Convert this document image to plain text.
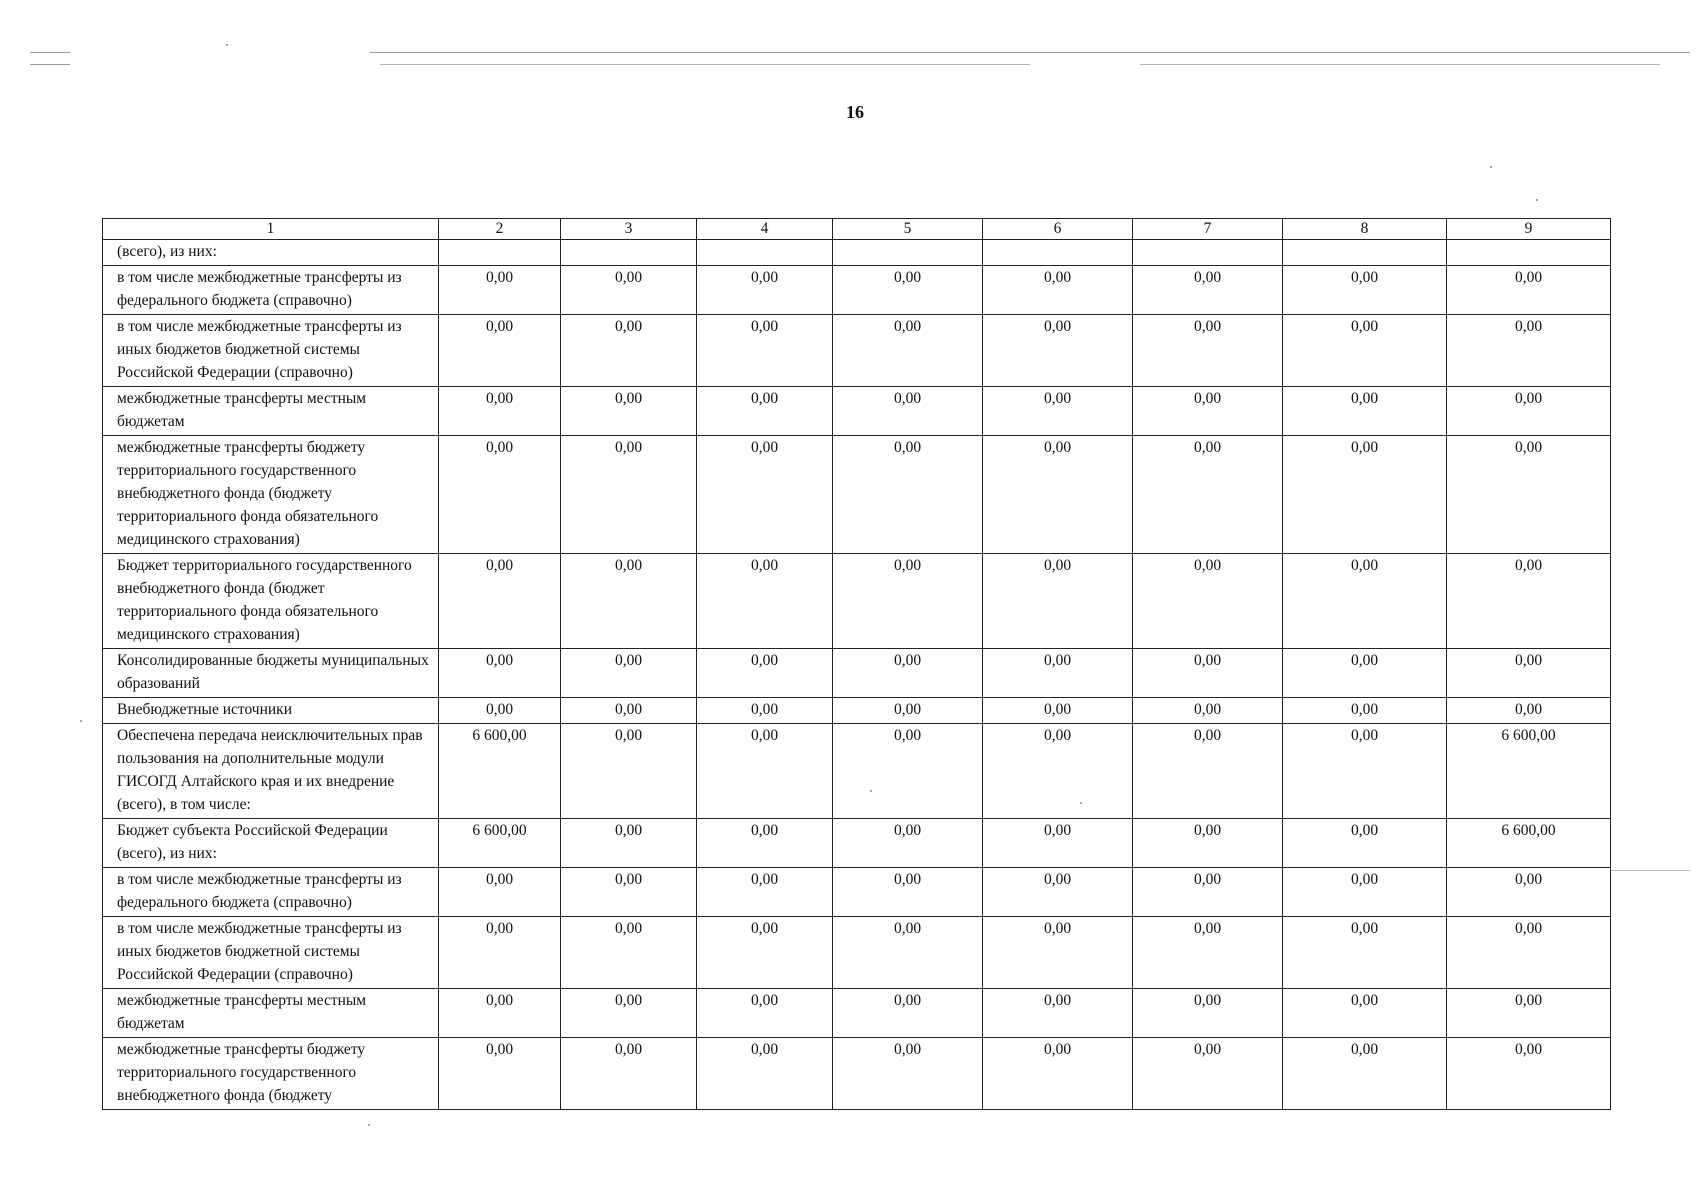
16
1	2	3	4	5	6	7	8	9
(всего), из них:								
в том числе межбюджетные трансферты из федерального бюджета (справочно)	0,00	0,00	0,00	0,00	0,00	0,00	0,00	0,00
в том числе межбюджетные трансферты из иных бюджетов бюджетной системы Российской Федерации (справочно)	0,00	0,00	0,00	0,00	0,00	0,00	0,00	0,00
межбюджетные трансферты местным бюджетам	0,00	0,00	0,00	0,00	0,00	0,00	0,00	0,00
межбюджетные трансферты бюджету территориального государственного внебюджетного фонда (бюджету территориального фонда обязательного медицинского страхования)	0,00	0,00	0,00	0,00	0,00	0,00	0,00	0,00
Бюджет территориального государственного внебюджетного фонда (бюджет территориального фонда обязательного медицинского страхования)	0,00	0,00	0,00	0,00	0,00	0,00	0,00	0,00
Консолидированные бюджеты муниципальных образований	0,00	0,00	0,00	0,00	0,00	0,00	0,00	0,00
Внебюджетные источники	0,00	0,00	0,00	0,00	0,00	0,00	0,00	0,00
Обеспечена передача неисключительных прав пользования на дополнительные модули ГИСОГД Алтайского края и их внедрение (всего), в том числе:	6 600,00	0,00	0,00	0,00	0,00	0,00	0,00	6 600,00
Бюджет субъекта Российской Федерации (всего), из них:	6 600,00	0,00	0,00	0,00	0,00	0,00	0,00	6 600,00
в том числе межбюджетные трансферты из федерального бюджета (справочно)	0,00	0,00	0,00	0,00	0,00	0,00	0,00	0,00
в том числе межбюджетные трансферты из иных бюджетов бюджетной системы Российской Федерации (справочно)	0,00	0,00	0,00	0,00	0,00	0,00	0,00	0,00
межбюджетные трансферты местным бюджетам	0,00	0,00	0,00	0,00	0,00	0,00	0,00	0,00
межбюджетные трансферты бюджету территориального государственного внебюджетного фонда (бюджету	0,00	0,00	0,00	0,00	0,00	0,00	0,00	0,00
